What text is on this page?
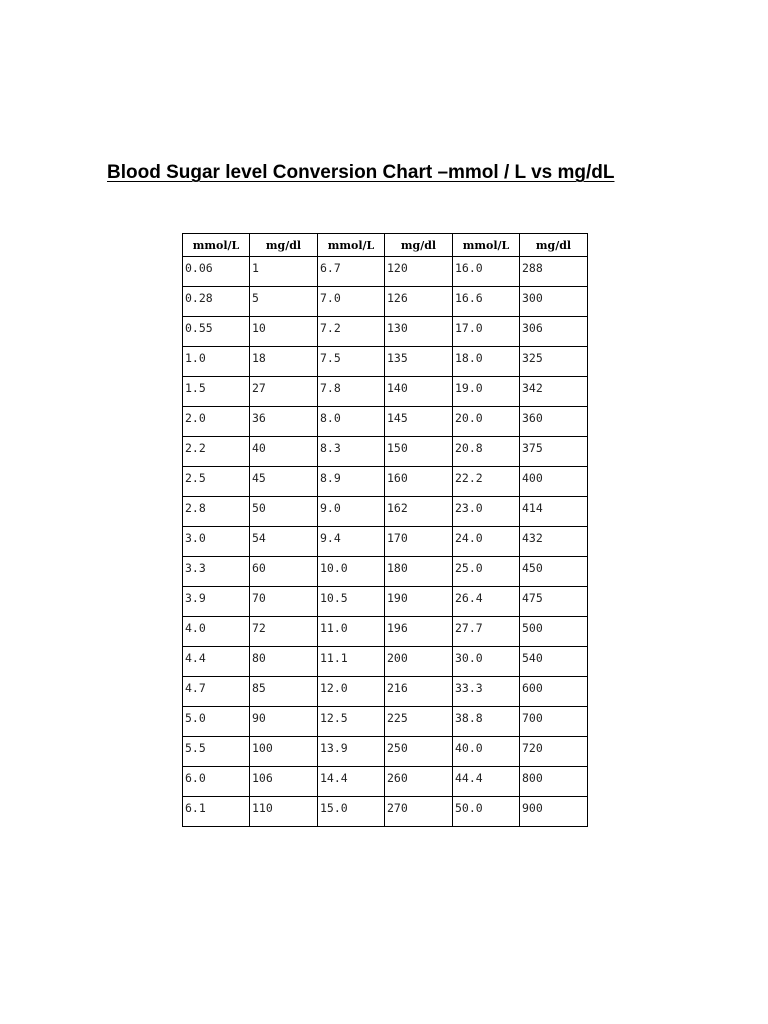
Blood Sugar level Conversion Chart –mmol / L vs mg/dL
mmol/L	mg/dl	mmol/L	mg/dl	mmol/L	mg/dl
0.06	1	6.7	120	16.0	288
0.28	5	7.0	126	16.6	300
0.55	10	7.2	130	17.0	306
1.0	18	7.5	135	18.0	325
1.5	27	7.8	140	19.0	342
2.0	36	8.0	145	20.0	360
2.2	40	8.3	150	20.8	375
2.5	45	8.9	160	22.2	400
2.8	50	9.0	162	23.0	414
3.0	54	9.4	170	24.0	432
3.3	60	10.0	180	25.0	450
3.9	70	10.5	190	26.4	475
4.0	72	11.0	196	27.7	500
4.4	80	11.1	200	30.0	540
4.7	85	12.0	216	33.3	600
5.0	90	12.5	225	38.8	700
5.5	100	13.9	250	40.0	720
6.0	106	14.4	260	44.4	800
6.1	110	15.0	270	50.0	900
